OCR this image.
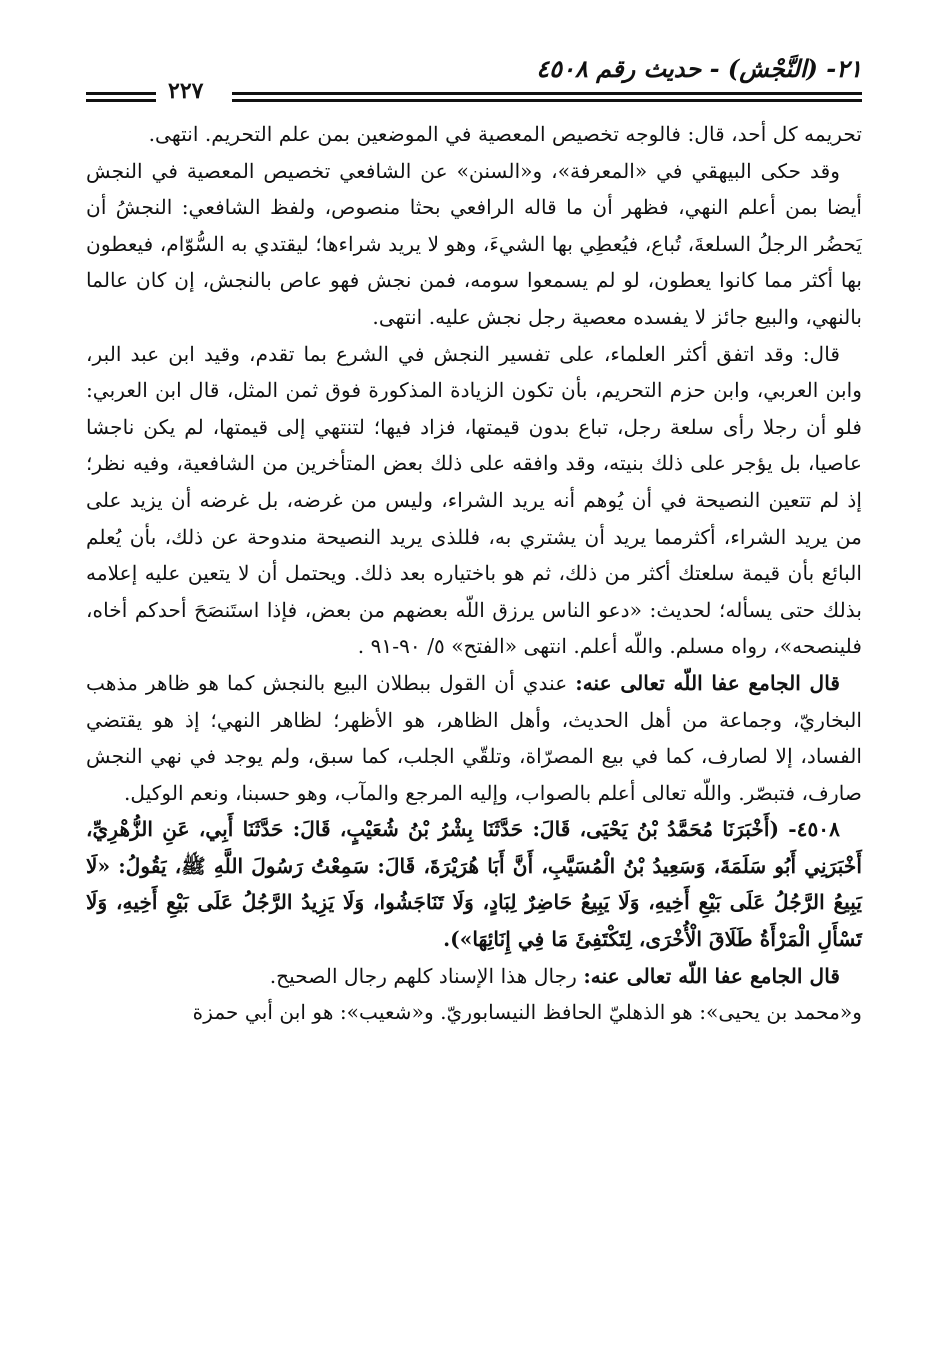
٢١- (النَّجْش) - حديث رقم ٤٥٠٨
٢٢٧

تحريمه كل أحد، قال: فالوجه تخصيص المعصية في الموضعين بمن علم التحريم. انتهى.

وقد حكى البيهقي في «المعرفة»، و«السنن» عن الشافعي تخصيص المعصية في النجش أيضا بمن أعلم النهي، فظهر أن ما قاله الرافعي بحثا منصوص، ولفظ الشافعي: النجشُ أن يَحضُر الرجلُ السلعةَ، تُباع، فيُعطِي بها الشيءَ، وهو لا يريد شراءها؛ ليقتدي به السُّوّام، فيعطون بها أكثر مما كانوا يعطون، لو لم يسمعوا سومه، فمن نجش فهو عاص بالنجش، إن كان عالما بالنهي، والبيع جائز لا يفسده معصية رجل نجش عليه. انتهى.

قال: وقد اتفق أكثر العلماء، على تفسير النجش في الشرع بما تقدم، وقيد ابن عبد البر، وابن العربي، وابن حزم التحريم، بأن تكون الزيادة المذكورة فوق ثمن المثل، قال ابن العربي: فلو أن رجلا رأى سلعة رجل، تباع بدون قيمتها، فزاد فيها؛ لتنتهي إلى قيمتها، لم يكن ناجشا عاصيا، بل يؤجر على ذلك بنيته، وقد وافقه على ذلك بعض المتأخرين من الشافعية، وفيه نظر؛ إذ لم تتعين النصيحة في أن يُوهم أنه يريد الشراء، وليس من غرضه، بل غرضه أن يزيد على من يريد الشراء، أكثرمما يريد أن يشتري به، فللذى يريد النصيحة مندوحة عن ذلك، بأن يُعلم البائع بأن قيمة سلعتك أكثر من ذلك، ثم هو باختياره بعد ذلك. ويحتمل أن لا يتعين عليه إعلامه بذلك حتى يسأله؛ لحديث: «دعو الناس يرزق اللّه بعضهم من بعض، فإذا استَنصَحَ أحدكم أخاه، فلينصحه»، رواه مسلم. واللّه أعلم. انتهى «الفتح» ٥/ ٩٠-٩١ .

قال الجامع عفا اللّه تعالى عنه: عندي أن القول ببطلان البيع بالنجش كما هو ظاهر مذهب البخاريّ، وجماعة من أهل الحديث، وأهل الظاهر، هو الأظهر؛ لظاهر النهي؛ إذ هو يقتضي الفساد، إلا لصارف، كما في بيع المصرّاة، وتلقّي الجلب، كما سبق، ولم يوجد في نهي النجش صارف، فتبصّر. واللّه تعالى أعلم بالصواب، وإليه المرجع والمآب، وهو حسبنا، ونعم الوكيل.

٤٥٠٨- (أَخْبَرَنَا مُحَمَّدُ بْنُ يَحْيَى، قَالَ: حَدَّثَنَا بِشْرُ بْنُ شُعَيْبٍ، قَالَ: حَدَّثَنَا أَبِي، عَنِ الزُّهْرِيِّ، أَخْبَرَنِي أَبُو سَلَمَةَ، وَسَعِيدُ بْنُ الْمُسَيَّبِ، أَنَّ أَبَا هُرَيْرَةَ، قَالَ: سَمِعْتُ رَسُولَ اللَّهِ ﷺ، يَقُولُ: «لَا يَبِيعُ الرَّجُلُ عَلَى بَيْعِ أَخِيهِ، وَلَا يَبِيعُ حَاضِرٌ لِبَادٍ، وَلَا تَنَاجَشُوا، وَلَا يَزِيدُ الرَّجُلُ عَلَى بَيْعِ أَخِيهِ، وَلَا تَسْأَلِ الْمَرْأَةُ طَلَاقَ الْأُخْرَى، لِتَكْتَفِئَ مَا فِي إِنَائِهَا»).

قال الجامع عفا اللّه تعالى عنه: رجال هذا الإسناد كلهم رجال الصحيح.

و«محمد بن يحيى»: هو الذهليّ الحافظ النيسابوريّ. و«شعيب»: هو ابن أبي حمزة
